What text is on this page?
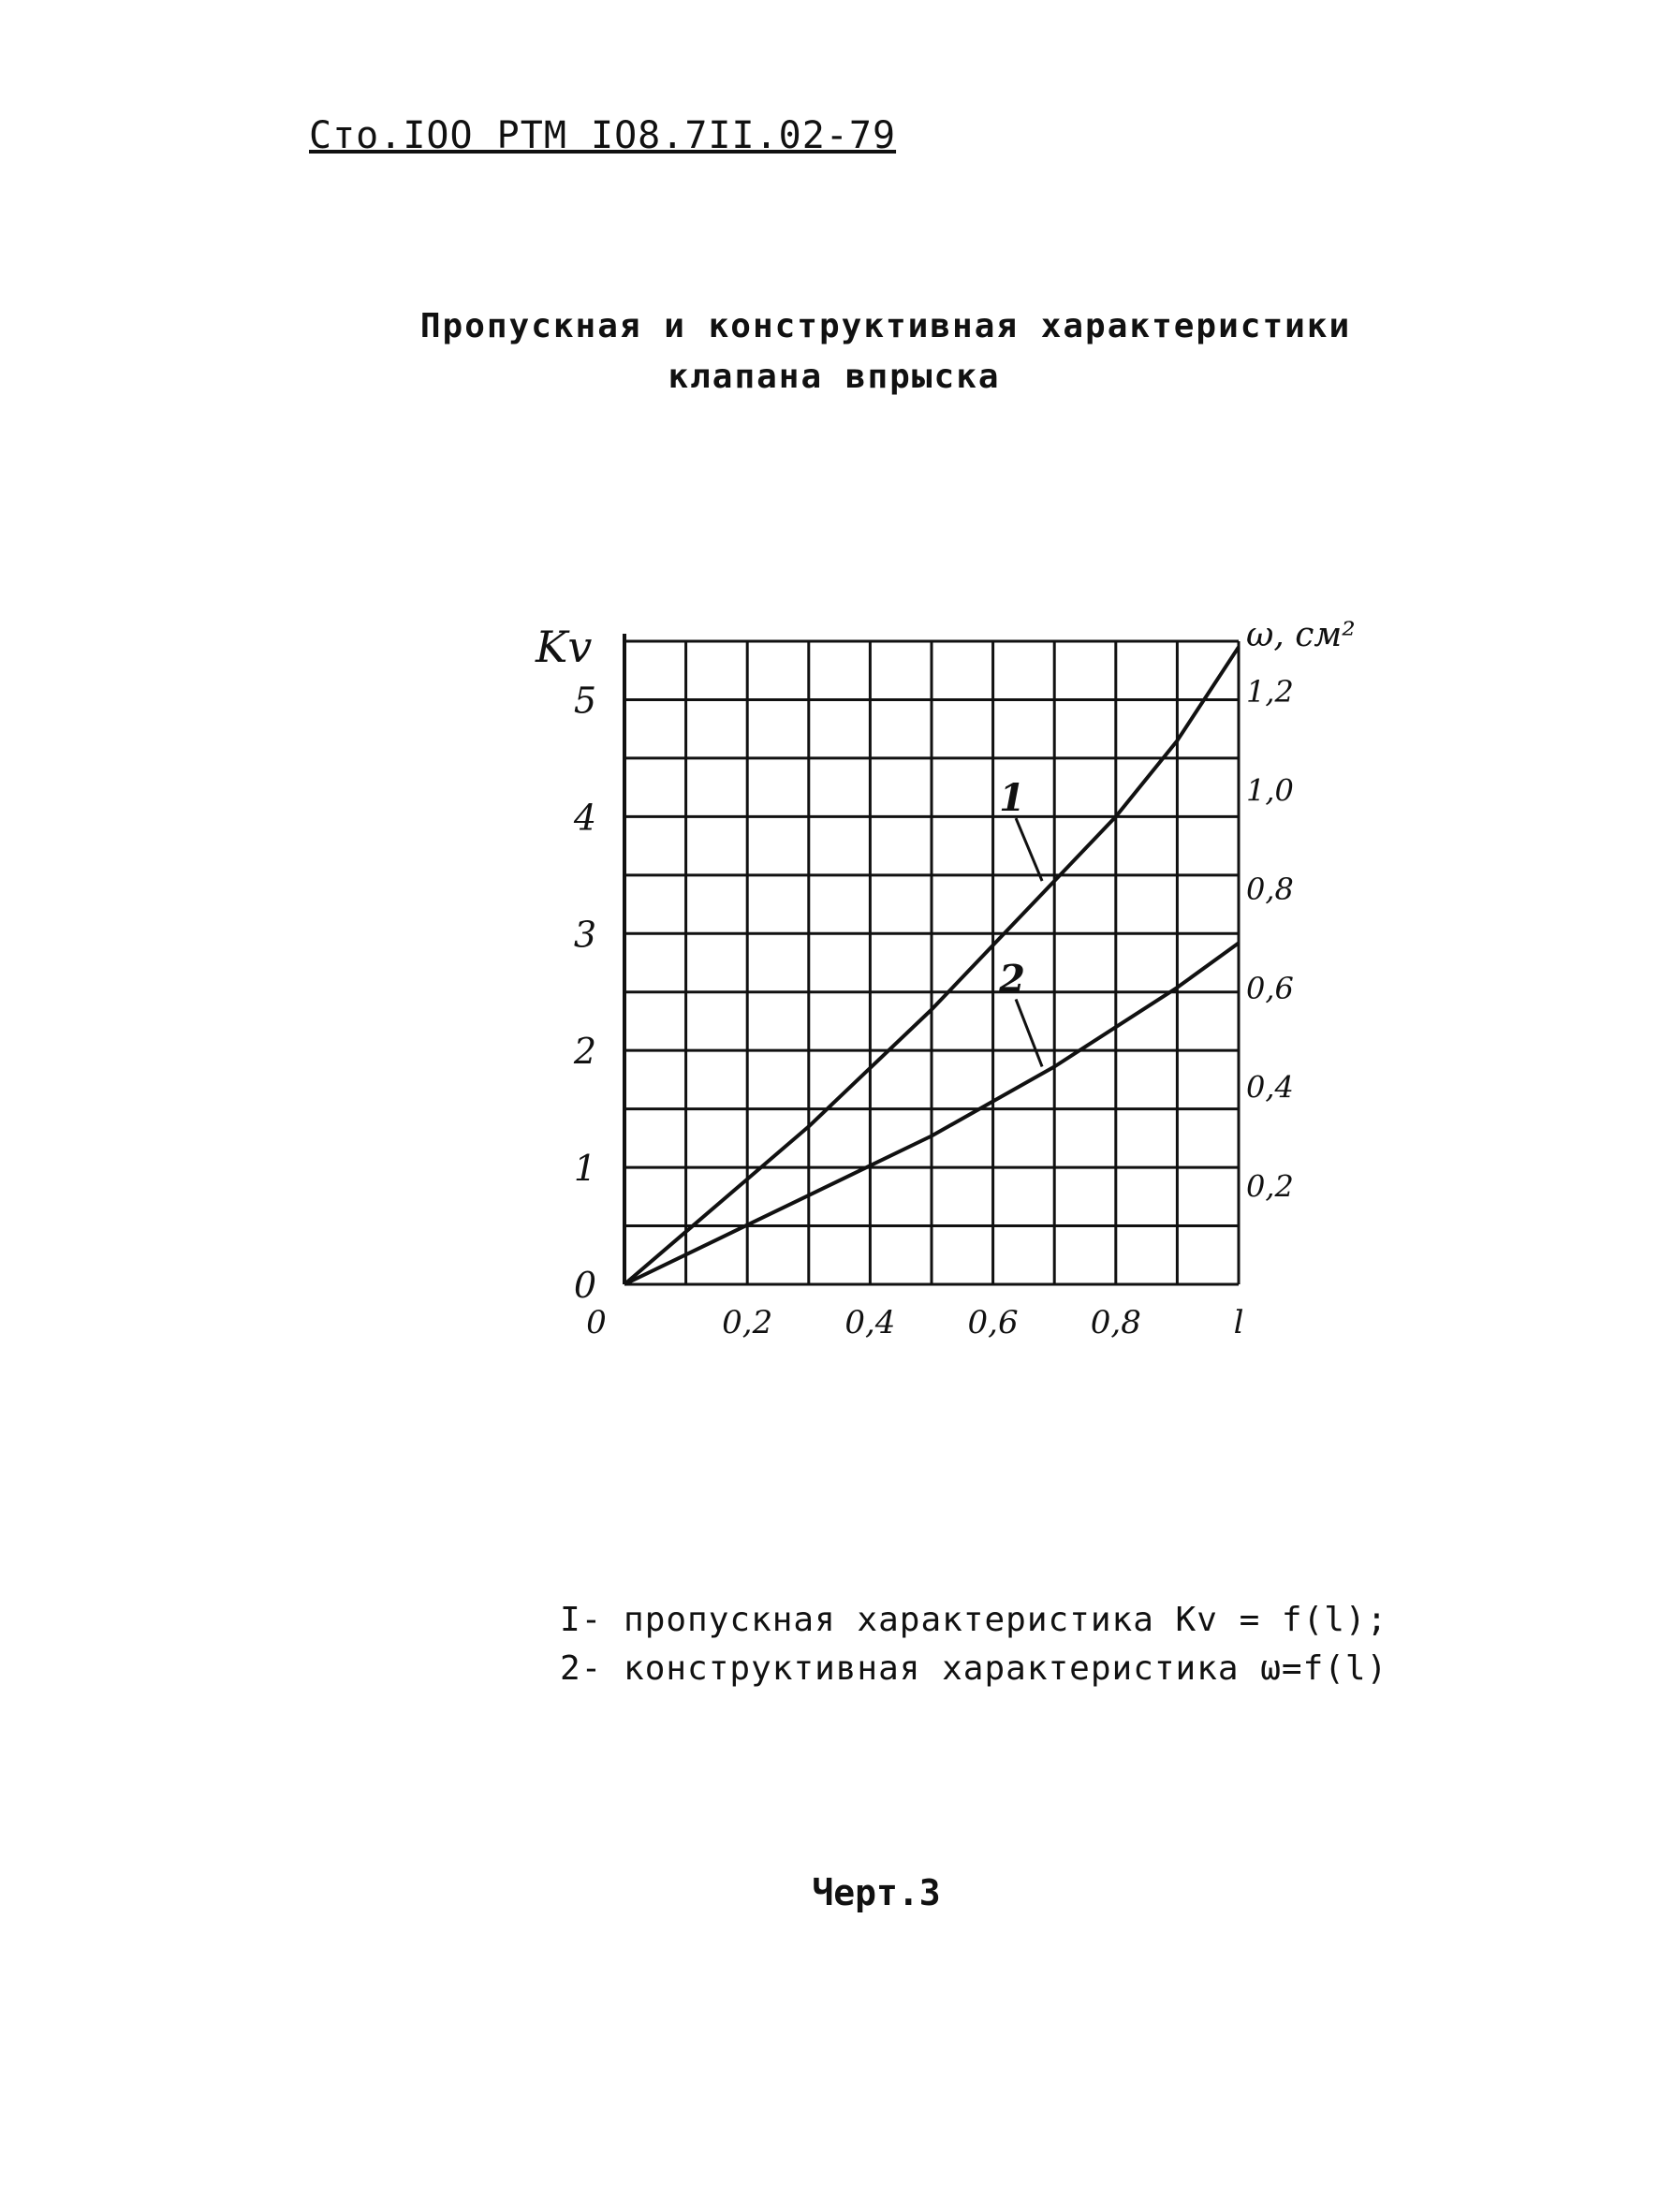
Сто.IOO РТМ IO8.7II.02-79
Пропускная и конструктивная характеристики
клапана впрыска
1
2
0
1
2
3
4
5
Kv
0,2
0,4
0,6
0,8
1,0
1,2
ω, см²
0	0,2 0,4 0,6 0,8	l
I- пропускная характеристика Kv = f(l);
2- конструктивная характеристика ω=f(l)
Черт.3
